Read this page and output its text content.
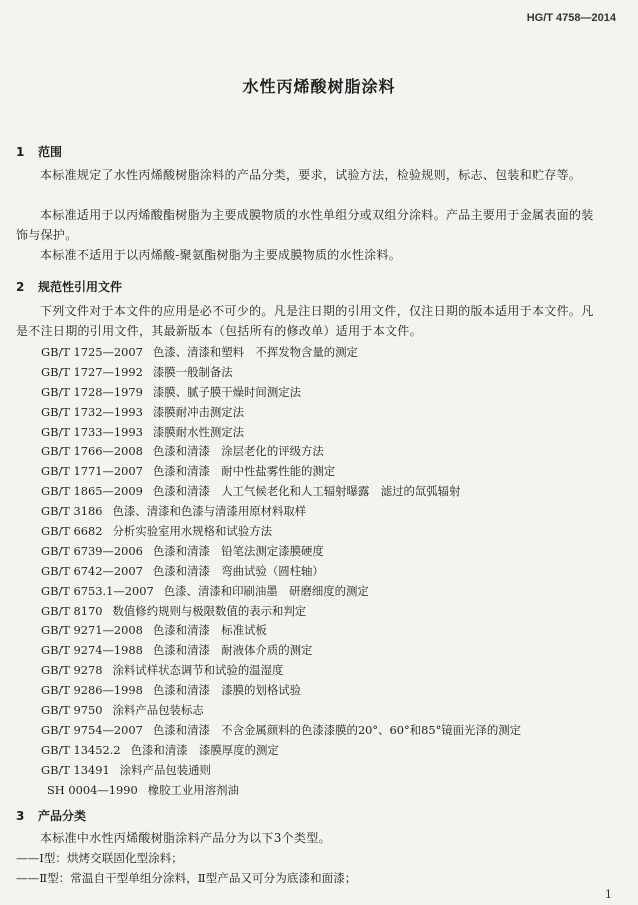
HG/T 4758—2014
水性丙烯酸树脂涂料
1 范围
本标准规定了水性丙烯酸树脂涂料的产品分类，要求，试验方法，检验规则，标志、包装和贮存等。
本标准适用于以丙烯酸酯树脂为主要成膜物质的水性单组分或双组分涂料。产品主要用于金属表面的装饰与保护。
本标准不适用于以丙烯酸-聚氨酯树脂为主要成膜物质的水性涂料。
2 规范性引用文件
下列文件对于本文件的应用是必不可少的。凡是注日期的引用文件，仅注日期的版本适用于本文件。凡是不注日期的引用文件，其最新版本（包括所有的修改单）适用于本文件。
GB/T 1725—2007 色漆、清漆和塑料　不挥发物含量的测定
GB/T 1727—1992 漆膜一般制备法
GB/T 1728—1979 漆膜、腻子膜干燥时间测定法
GB/T 1732—1993 漆膜耐冲击测定法
GB/T 1733—1993 漆膜耐水性测定法
GB/T 1766—2008 色漆和清漆　涂层老化的评级方法
GB/T 1771—2007 色漆和清漆　耐中性盐雾性能的测定
GB/T 1865—2009 色漆和清漆　人工气候老化和人工辐射曝露　滤过的氙弧辐射
GB/T 3186 色漆、清漆和色漆与清漆用原材料取样
GB/T 6682 分析实验室用水规格和试验方法
GB/T 6739—2006 色漆和清漆　铅笔法测定漆膜硬度
GB/T 6742—2007 色漆和清漆　弯曲试验（圆柱轴）
GB/T 6753.1—2007 色漆、清漆和印刷油墨　研磨细度的测定
GB/T 8170 数值修约规则与极限数值的表示和判定
GB/T 9271—2008 色漆和清漆　标准试板
GB/T 9274—1988 色漆和清漆　耐液体介质的测定
GB/T 9278 涂料试样状态调节和试验的温湿度
GB/T 9286—1998 色漆和清漆　漆膜的划格试验
GB/T 9750 涂料产品包装标志
GB/T 9754—2007 色漆和清漆　不含金属颜料的色漆漆膜的20°、60°和85°镜面光泽的测定
GB/T 13452.2 色漆和清漆　漆膜厚度的测定
GB/T 13491 涂料产品包装通则
SH 0004—1990 橡胶工业用溶剂油
3 产品分类
本标准中水性丙烯酸树脂涂料产品分为以下3个类型。
——Ⅰ型：烘烤交联固化型涂料；
——Ⅱ型：常温自干型单组分涂料，Ⅱ型产品又可分为底漆和面漆；
1
